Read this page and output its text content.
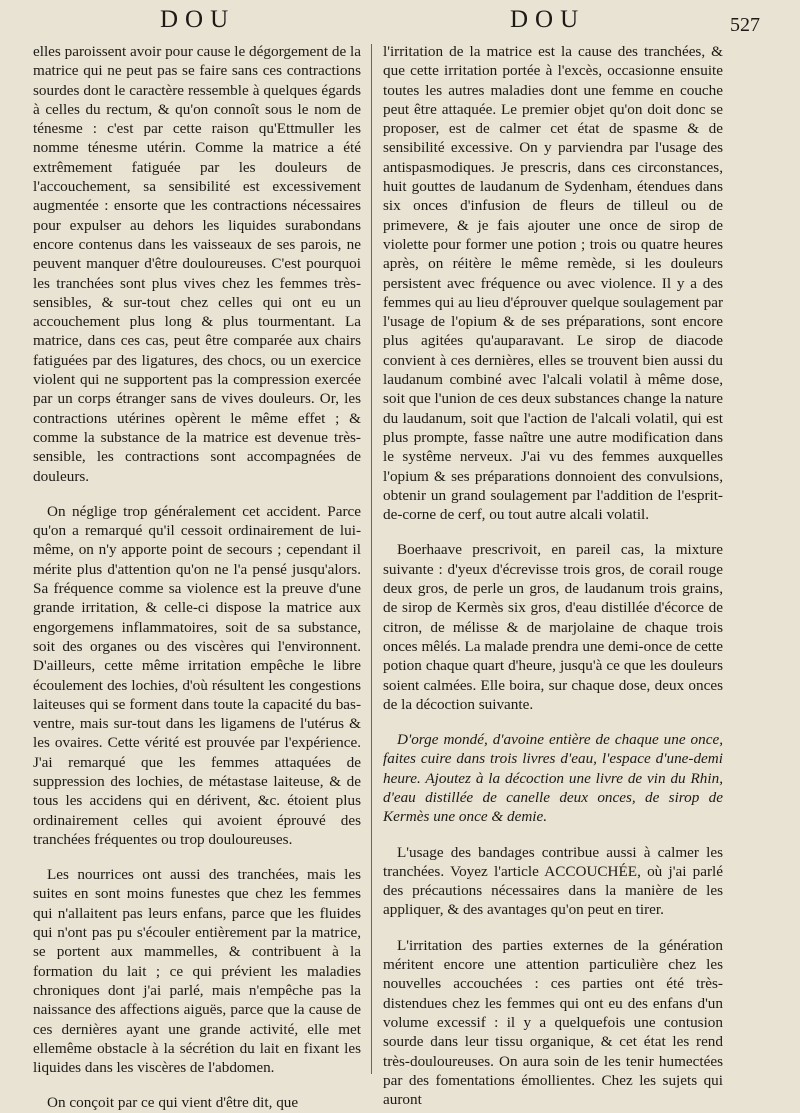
DOU	DOU	527

elles paroissent avoir pour cause le dégorgement de la matrice qui ne peut pas se faire sans ces contractions sourdes dont le caractère ressemble à quelques égards à celles du rectum, & qu'on connoît sous le nom de ténesme : c'est par cette raison qu'Ettmuller les nomme ténesme utérin. Comme la matrice a été extrêmement fatiguée par les douleurs de l'accouchement, sa sensibilité est excessivement augmentée : ensorte que les contractions nécessaires pour expulser au dehors les liquides surabondans encore contenus dans les vaisseaux de ses parois, ne peuvent manquer d'être douloureuses. C'est pourquoi les tranchées sont plus vives chez les femmes très-sensibles, & sur-tout chez celles qui ont eu un accouchement plus long & plus tourmentant. La matrice, dans ces cas, peut être comparée aux chairs fatiguées par des ligatures, des chocs, ou un exercice violent qui ne supportent pas la compression exercée par un corps étranger sans de vives douleurs. Or, les contractions utérines opèrent le même effet ; & comme la substance de la matrice est devenue très-sensible, les contractions sont accompagnées de douleurs.

On néglige trop généralement cet accident. Parce qu'on a remarqué qu'il cessoit ordinairement de lui-même, on n'y apporte point de secours ; cependant il mérite plus d'attention qu'on ne l'a pensé jusqu'alors. Sa fréquence comme sa violence est la preuve d'une grande irritation, & celle-ci dispose la matrice aux engorgemens inflammatoires, soit de sa substance, soit des organes ou des viscères qui l'environnent. D'ailleurs, cette même irritation empêche le libre écoulement des lochies, d'où résultent les congestions laiteuses qui se forment dans toute la capacité du bas-ventre, mais sur-tout dans les ligamens de l'utérus & les ovaires. Cette vérité est prouvée par l'expérience. J'ai remarqué que les femmes attaquées de suppression des lochies, de métastase laiteuse, & de tous les accidens qui en dérivent, &c. étoient plus ordinairement celles qui avoient éprouvé des tranchées fréquentes ou trop douloureuses.

Les nourrices ont aussi des tranchées, mais les suites en sont moins funestes que chez les femmes qui n'allaitent pas leurs enfans, parce que les fluides qui n'ont pas pu s'écouler entièrement par la matrice, se portent aux mammelles, & contribuent à la formation du lait ; ce qui prévient les maladies chroniques dont j'ai parlé, mais n'empêche pas la naissance des affections aiguës, parce que la cause de ces dernières ayant une grande activité, elle met ellemême obstacle à la sécrétion du lait en fixant les liquides dans les viscères de l'abdomen.

On conçoit par ce qui vient d'être dit, que

l'irritation de la matrice est la cause des tranchées, & que cette irritation portée à l'excès, occasionne ensuite toutes les autres maladies dont une femme en couche peut être attaquée. Le premier objet qu'on doit donc se proposer, est de calmer cet état de spasme & de sensibilité excessive. On y parviendra par l'usage des antispasmodiques. Je prescris, dans ces circonstances, huit gouttes de laudanum de Sydenham, étendues dans six onces d'infusion de fleurs de tilleul ou de primevere, & je fais ajouter une once de sirop de violette pour former une potion ; trois ou quatre heures après, on réitère le même remède, si les douleurs persistent avec fréquence ou avec violence. Il y a des femmes qui au lieu d'éprouver quelque soulagement par l'usage de l'opium & de ses préparations, sont encore plus agitées qu'auparavant. Le sirop de diacode convient à ces dernières, elles se trouvent bien aussi du laudanum combiné avec l'alcali volatil à même dose, soit que l'union de ces deux substances change la nature du laudanum, soit que l'action de l'alcali volatil, qui est plus prompte, fasse naître une autre modification dans le systême nerveux. J'ai vu des femmes auxquelles l'opium & ses préparations donnoient des convulsions, obtenir un grand soulagement par l'addition de l'esprit-de-corne de cerf, ou tout autre alcali volatil.

Boerhaave prescrivoit, en pareil cas, la mixture suivante : d'yeux d'écrevisse trois gros, de corail rouge deux gros, de perle un gros, de laudanum trois grains, de sirop de Kermès six gros, d'eau distillée d'écorce de citron, de mélisse & de marjolaine de chaque trois onces mêlés. La malade prendra une demi-once de cette potion chaque quart d'heure, jusqu'à ce que les douleurs soient calmées. Elle boira, sur chaque dose, deux onces de la décoction suivante.

D'orge mondé, d'avoine entière de chaque une once, faites cuire dans trois livres d'eau, l'espace d'une-demi heure. Ajoutez à la décoction une livre de vin du Rhin, d'eau distillée de canelle deux onces, de sirop de Kermès une once & demie.

L'usage des bandages contribue aussi à calmer les tranchées. Voyez l'article ACCOUCHÉE, où j'ai parlé des précautions nécessaires dans la manière de les appliquer, & des avantages qu'on peut en tirer.

L'irritation des parties externes de la génération méritent encore une attention particulière chez les nouvelles accouchées : ces parties ont été très-distendues chez les femmes qui ont eu des enfans d'un volume excessif : il y a quelquefois une contusion sourde dans leur tissu organique, & cet état les rend très-douloureuses. On aura soin de les tenir humectées par des fomentations émollientes. Chez les sujets qui auront
